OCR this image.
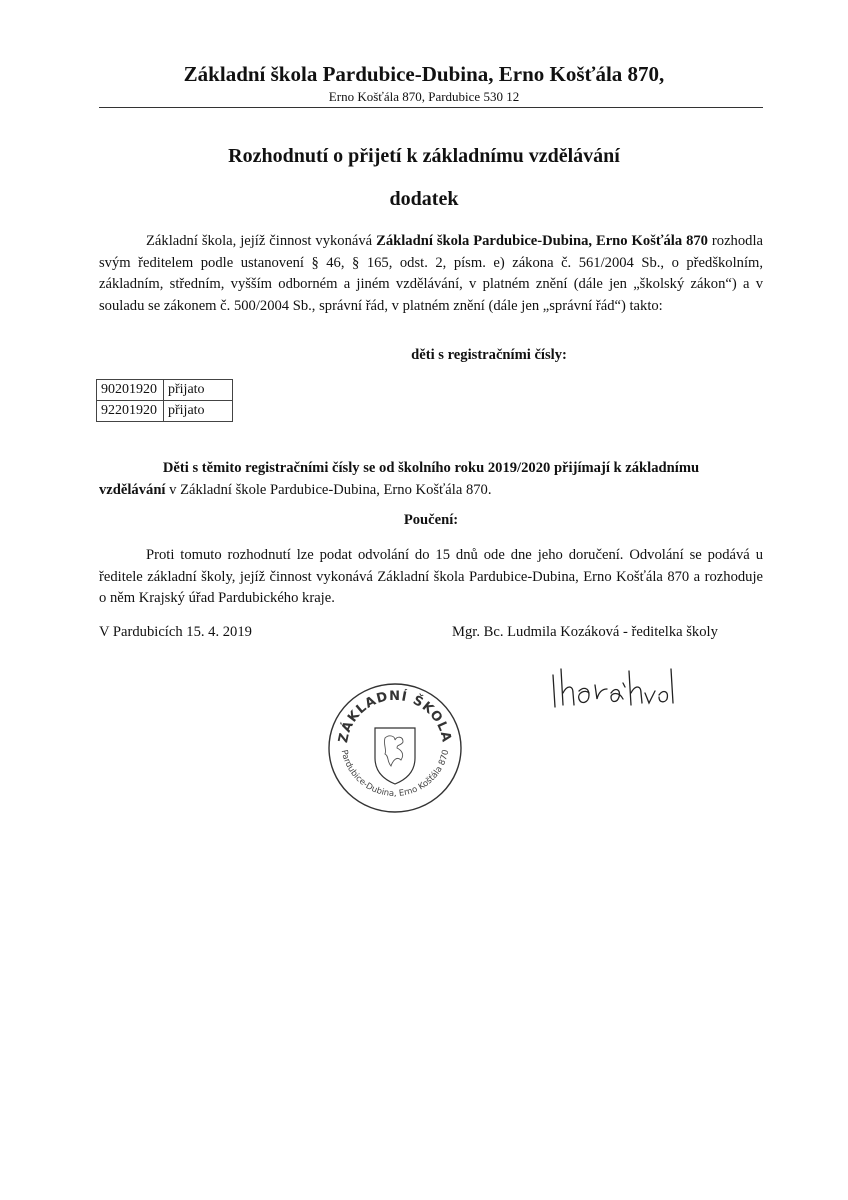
Základní škola Pardubice-Dubina, Erno Košťála 870,
Erno Košťála 870, Pardubice 530 12
Rozhodnutí o přijetí k základnímu vzdělávání
dodatek
Základní škola, jejíž činnost vykonává Základní škola Pardubice-Dubina, Erno Košťála 870 rozhodla svým ředitelem podle ustanovení § 46, § 165, odst. 2, písm. e) zákona č. 561/2004 Sb., o předškolním, základním, středním, vyšším odborném a jiném vzdělávání, v platném znění (dále jen „školský zákon“) a v souladu se zákonem č. 500/2004 Sb., správní řád, v platném znění (dále jen „správní řád“) takto:
děti s registračními čísly:
90201920	přijato
92201920	přijato
Děti s těmito registračními čísly se od školního roku 2019/2020 přijímají k základnímu
vzdělávání v Základní škole Pardubice-Dubina, Erno Košťála 870.
Poučení:
Proti tomuto rozhodnutí lze podat odvolání do 15 dnů ode dne jeho doručení. Odvolání se podává u ředitele základní školy, jejíž činnost vykonává Základní škola Pardubice-Dubina, Erno Košťála 870 a rozhoduje o něm Krajský úřad Pardubického kraje.
V Pardubicích 15. 4. 2019	Mgr. Bc. Ludmila Kozáková - ředitelka školy
ZÁKLADNÍ ŠKOLA
Pardubice-Dubina, Erno Košťála 870
